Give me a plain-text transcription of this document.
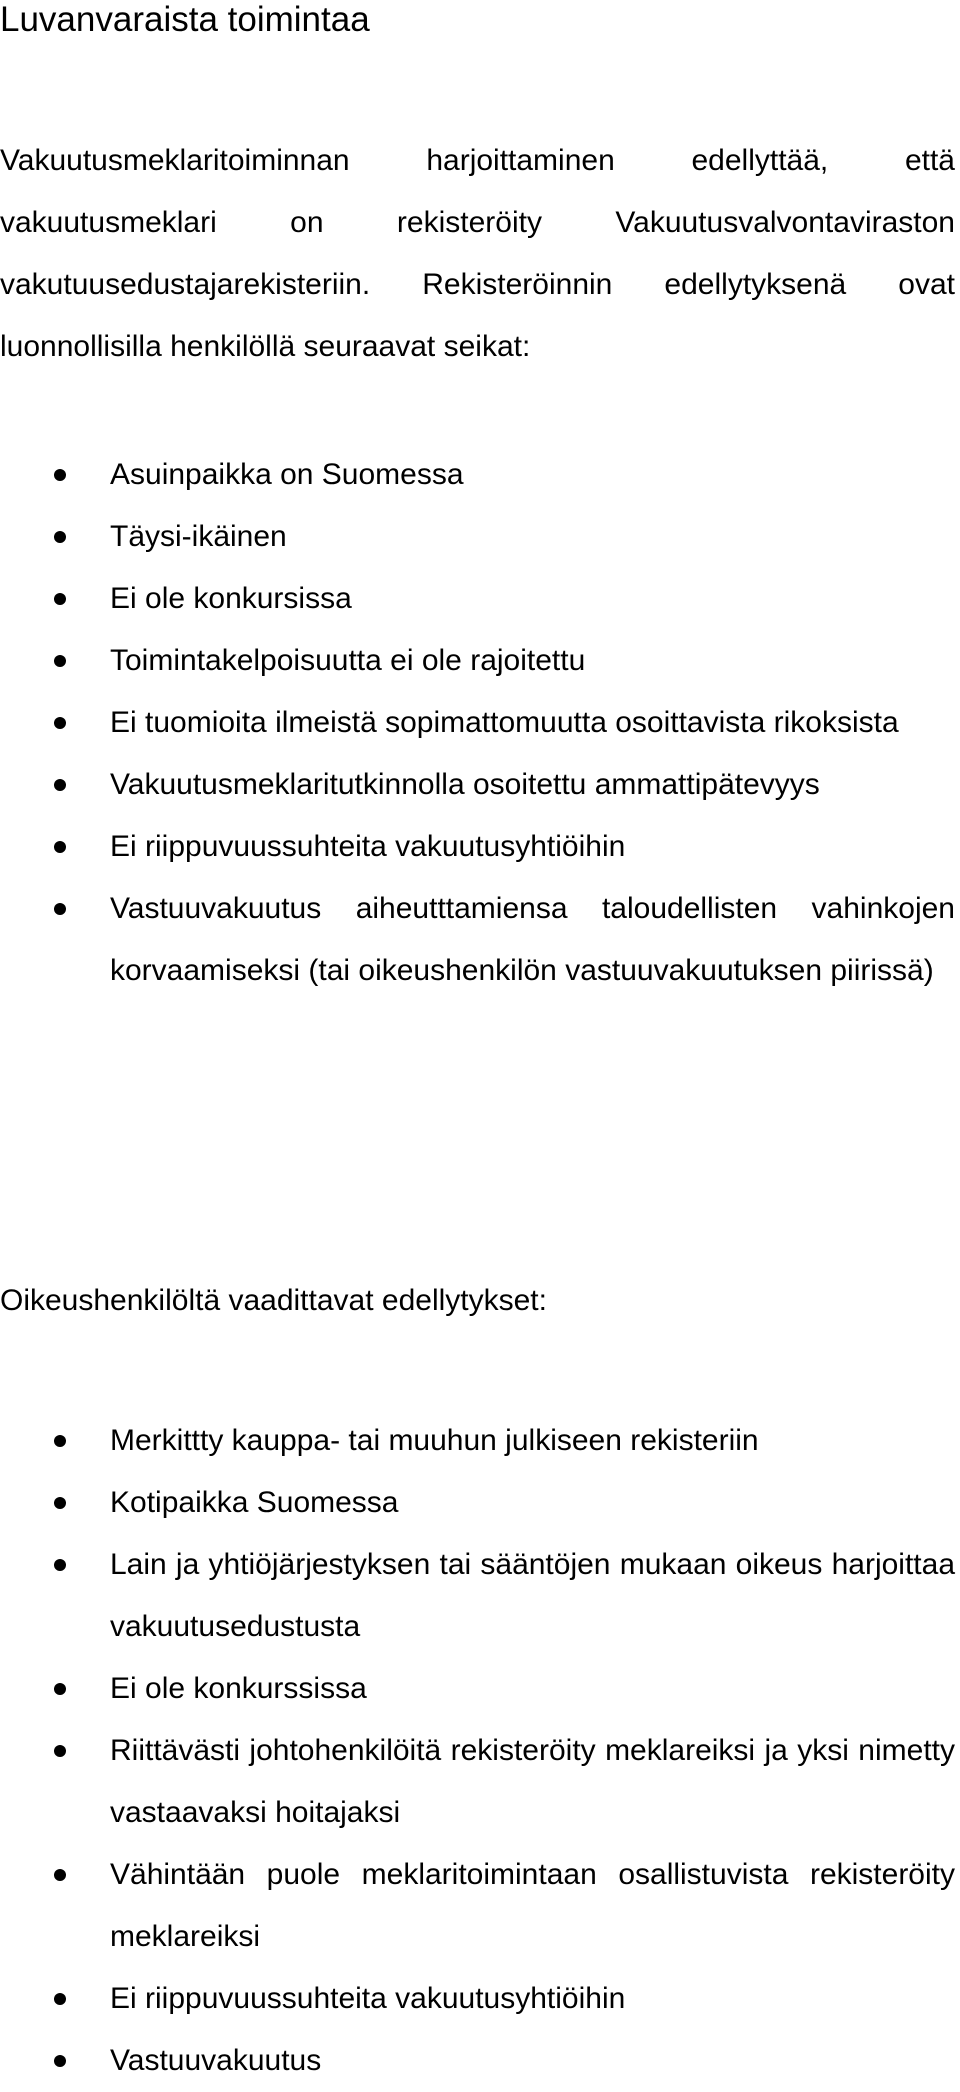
Luvanvaraista toimintaa

Vakuutusmeklaritoiminnan harjoittaminen edellyttää, että vakuutusmeklari on rekisteröity Vakuutusvalvontaviraston vakutuusedustajarekisteriin. Rekisteröinnin edellytyksenä ovat luonnollisilla henkilöllä seuraavat seikat:

Asuinpaikka on Suomessa
Täysi-ikäinen
Ei ole konkursissa
Toimintakelpoisuutta ei ole rajoitettu
Ei tuomioita ilmeistä sopimattomuutta osoittavista rikoksista
Vakuutusmeklaritutkinnolla osoitettu ammattipätevyys
Ei riippuvuussuhteita vakuutusyhtiöihin
Vastuuvakuutus aiheutttamiensa taloudellisten vahinkojen korvaamiseksi (tai oikeushenkilön vastuuvakuutuksen piirissä)

Oikeushenkilöltä vaadittavat edellytykset:

Merkittty kauppa- tai muuhun julkiseen rekisteriin
Kotipaikka Suomessa
Lain ja yhtiöjärjestyksen tai sääntöjen mukaan oikeus harjoittaa vakuutusedustusta
Ei ole konkurssissa
Riittävästi johtohenkilöitä rekisteröity meklareiksi ja yksi nimetty vastaavaksi hoitajaksi
Vähintään puole meklaritoimintaan osallistuvista rekisteröity meklareiksi
Ei riippuvuussuhteita vakuutusyhtiöihin
Vastuuvakuutus
